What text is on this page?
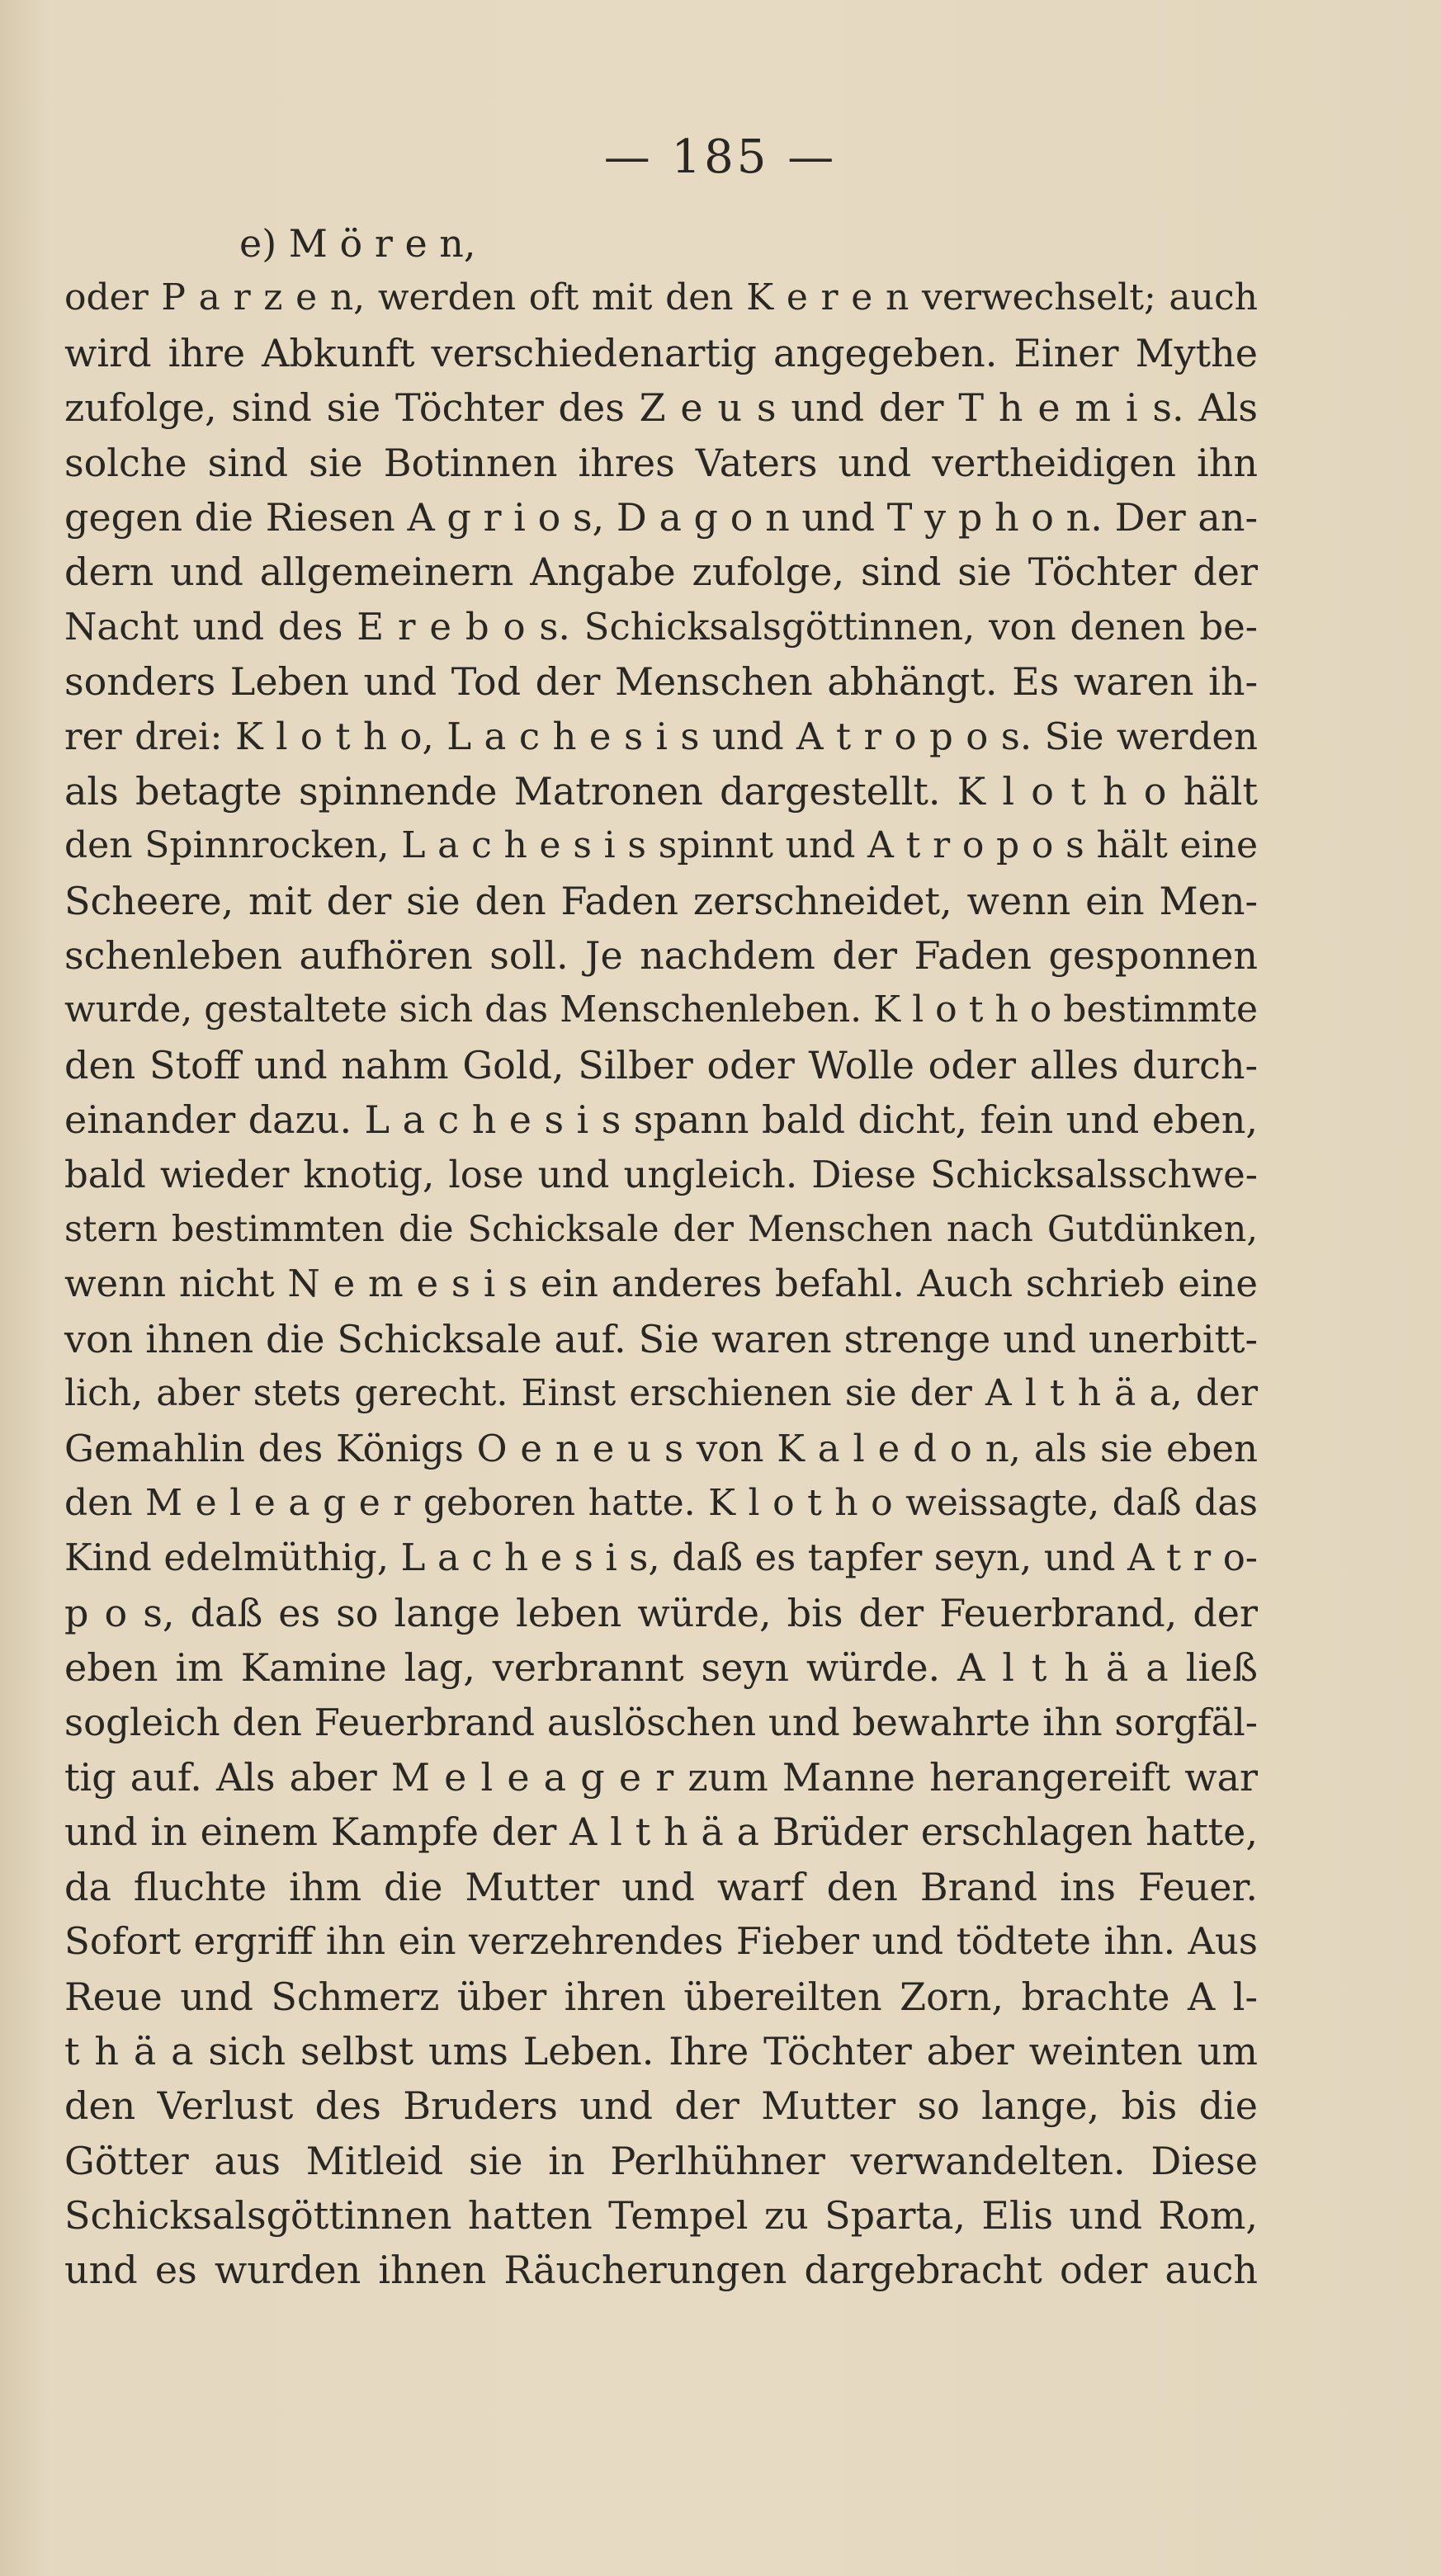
— 185 —
e) M ö r e n,
oder P a r z e n, werden oft mit den K e r e n verwechselt; auch
wird ihre Abkunft verschiedenartig angegeben. Einer Mythe
zufolge, sind sie Töchter des Z e u s und der T h e m i s. Als
solche sind sie Botinnen ihres Vaters und vertheidigen ihn
gegen die Riesen A g r i o s, D a g o n und T y p h o n. Der an-
dern und allgemeinern Angabe zufolge, sind sie Töchter der
Nacht und des E r e b o s. Schicksalsgöttinnen, von denen be-
sonders Leben und Tod der Menschen abhängt. Es waren ih-
rer drei: K l o t h o, L a c h e s i s und A t r o p o s. Sie werden
als betagte spinnende Matronen dargestellt. K l o t h o hält
den Spinnrocken, L a c h e s i s spinnt und A t r o p o s hält eine
Scheere, mit der sie den Faden zerschneidet, wenn ein Men-
schenleben aufhören soll. Je nachdem der Faden gesponnen
wurde, gestaltete sich das Menschenleben. K l o t h o bestimmte
den Stoff und nahm Gold, Silber oder Wolle oder alles durch-
einander dazu. L a c h e s i s spann bald dicht, fein und eben,
bald wieder knotig, lose und ungleich. Diese Schicksalsschwe-
stern bestimmten die Schicksale der Menschen nach Gutdünken,
wenn nicht N e m e s i s ein anderes befahl. Auch schrieb eine
von ihnen die Schicksale auf. Sie waren strenge und unerbitt-
lich, aber stets gerecht. Einst erschienen sie der A l t h ä a, der
Gemahlin des Königs O e n e u s von K a l e d o n, als sie eben
den M e l e a g e r geboren hatte. K l o t h o weissagte, daß das
Kind edelmüthig, L a c h e s i s, daß es tapfer seyn, und A t r o-
p o s, daß es so lange leben würde, bis der Feuerbrand, der
eben im Kamine lag, verbrannt seyn würde. A l t h ä a ließ
sogleich den Feuerbrand auslöschen und bewahrte ihn sorgfäl-
tig auf. Als aber M e l e a g e r zum Manne herangereift war
und in einem Kampfe der A l t h ä a Brüder erschlagen hatte,
da fluchte ihm die Mutter und warf den Brand ins Feuer.
Sofort ergriff ihn ein verzehrendes Fieber und tödtete ihn. Aus
Reue und Schmerz über ihren übereilten Zorn, brachte A l-
t h ä a sich selbst ums Leben. Ihre Töchter aber weinten um
den Verlust des Bruders und der Mutter so lange, bis die
Götter aus Mitleid sie in Perlhühner verwandelten. Diese
Schicksalsgöttinnen hatten Tempel zu Sparta, Elis und Rom,
und es wurden ihnen Räucherungen dargebracht oder auch
